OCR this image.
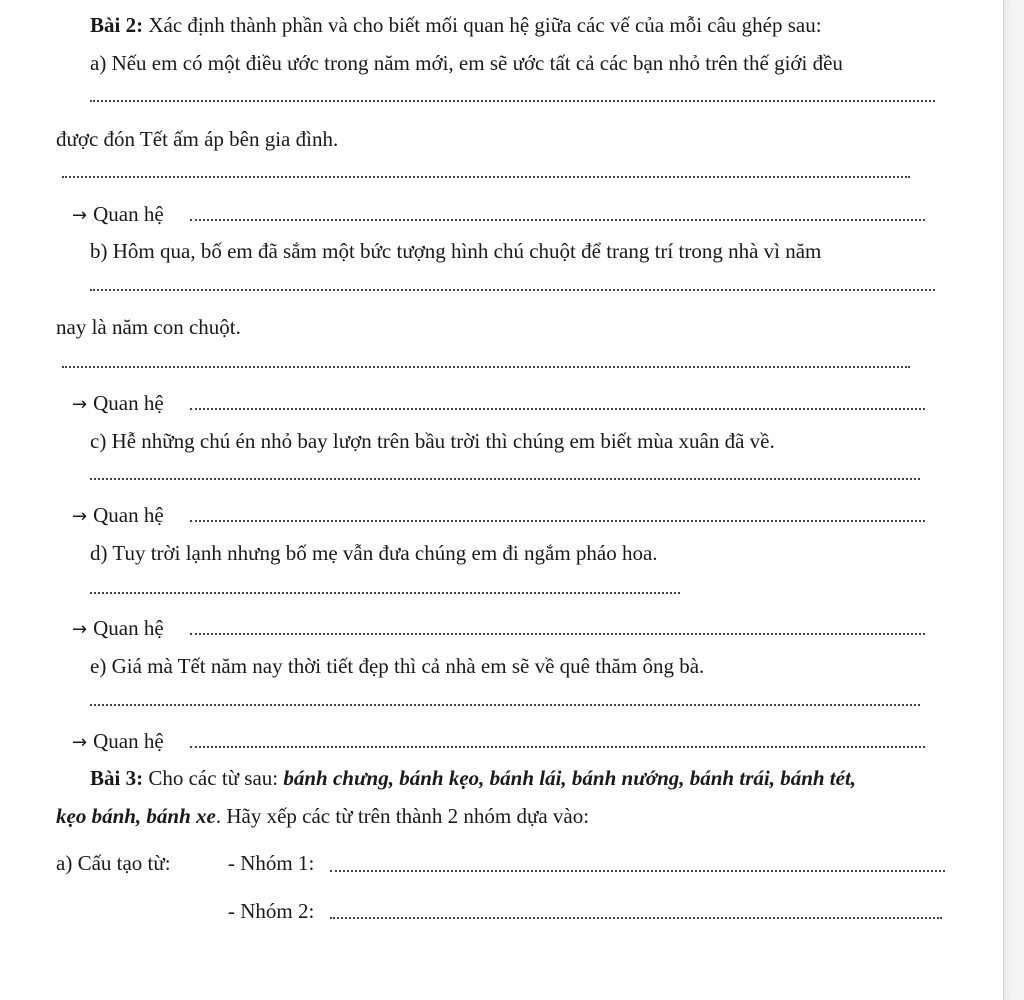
Bài 2: Xác định thành phần và cho biết mối quan hệ giữa các vế của mỗi câu ghép sau:
a) Nếu em có một điều ước trong năm mới, em sẽ ước tất cả các bạn nhỏ trên thế giới đều
được đón Tết ấm áp bên gia đình.
→ Quan hệ
b) Hôm qua, bố em đã sắm một bức tượng hình chú chuột để trang trí trong nhà vì năm
nay là năm con chuột.
→ Quan hệ
c) Hễ những chú én nhỏ bay lượn trên bầu trời thì chúng em biết mùa xuân đã về.
→ Quan hệ
d) Tuy trời lạnh nhưng bố mẹ vẫn đưa chúng em đi ngắm pháo hoa.
→ Quan hệ
e) Giá mà Tết năm nay thời tiết đẹp thì cả nhà em sẽ về quê thăm ông bà.
→ Quan hệ
Bài 3: Cho các từ sau: bánh chưng, bánh kẹo, bánh lái, bánh nướng, bánh trái, bánh tét,
kẹo bánh, bánh xe. Hãy xếp các từ trên thành 2 nhóm dựa vào:
a) Cấu tạo từ:	- Nhóm 1:
- Nhóm 2:
